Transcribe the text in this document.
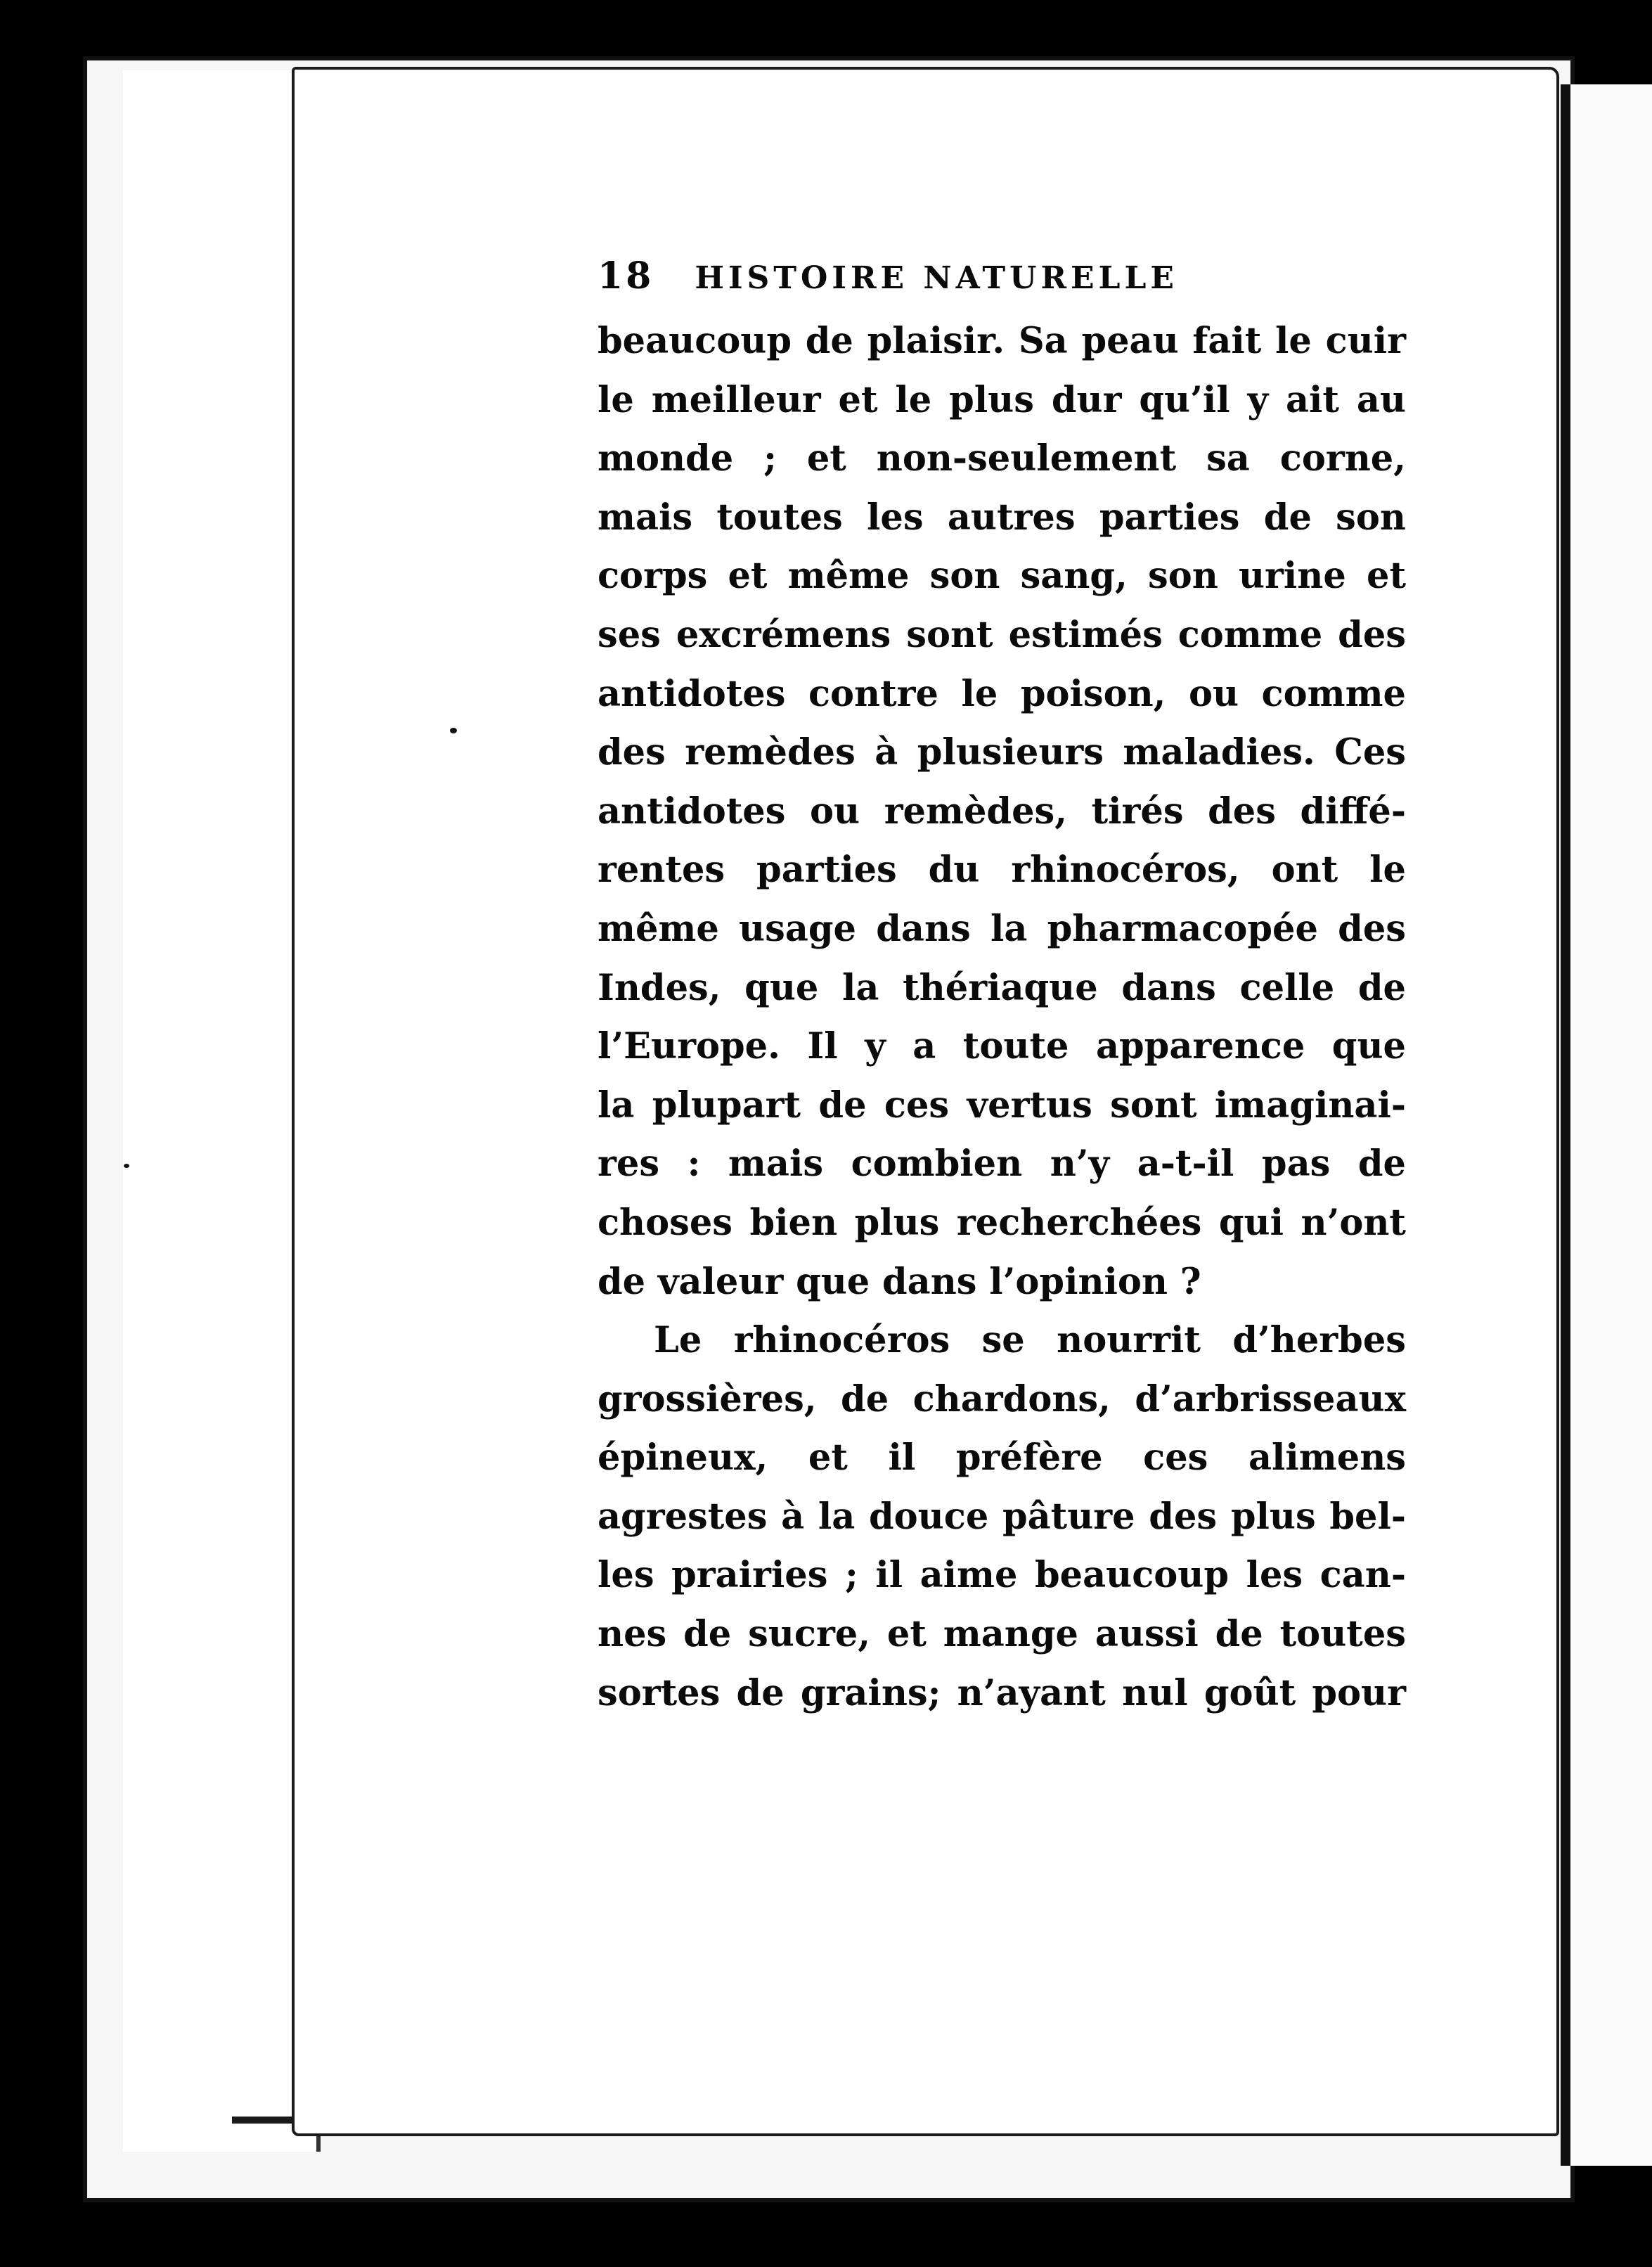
18 HISTOIRE NATURELLE
beaucoup de plaisir. Sa peau fait le cuir
le meilleur et le plus dur qu’il y ait au
monde ; et non-seulement sa corne,
mais toutes les autres parties de son
corps et même son sang, son urine et
ses excrémens sont estimés comme des
antidotes contre le poison, ou comme
des remèdes à plusieurs maladies. Ces
antidotes ou remèdes, tirés des diffé-
rentes parties du rhinocéros, ont le
même usage dans la pharmacopée des
Indes, que la thériaque dans celle de
l’Europe. Il y a toute apparence que
la plupart de ces vertus sont imaginai-
res : mais combien n’y a-t-il pas de
choses bien plus recherchées qui n’ont
de valeur que dans l’opinion ?
Le rhinocéros se nourrit d’herbes
grossières, de chardons, d’arbrisseaux
épineux, et il préfère ces alimens
agrestes à la douce pâture des plus bel-
les prairies ; il aime beaucoup les can-
nes de sucre, et mange aussi de toutes
sortes de grains; n’ayant nul goût pour
